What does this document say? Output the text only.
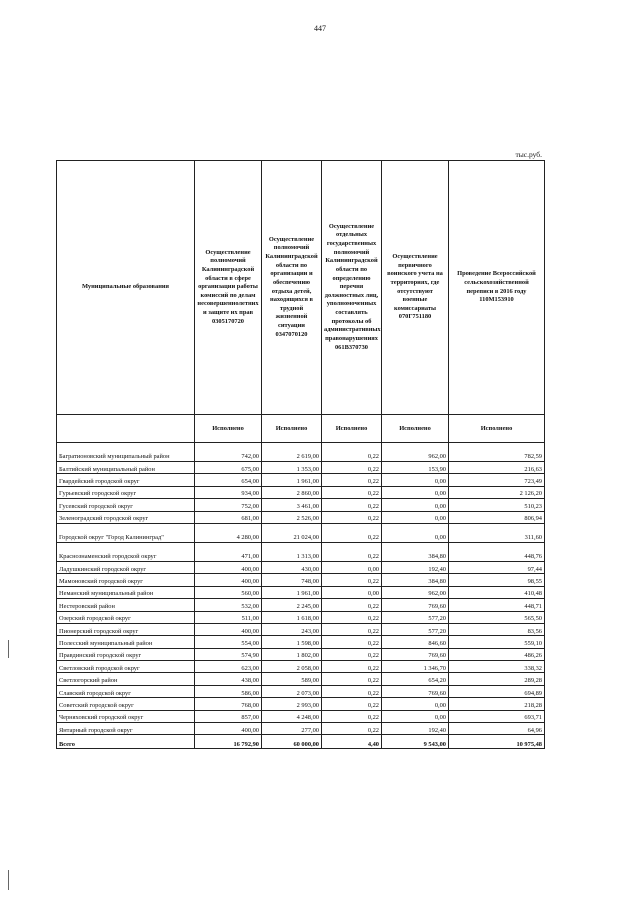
447
тыс.руб.
Муниципальные образования	Осуществление полномочий Калининградской области в сфере организации работы комиссий по делам несовершеннолетних и защите их прав 0305170720	Осуществление полномочий Калининградской области по организации и обеспечению отдыха детей, находящихся в трудной жизненной ситуации 0347070120	Осуществление отдельных государственных полномочий Калининградской области по определению перечня должностных лиц, уполномоченных составлять протоколы об административных правонарушениях 061В370730	Осуществление первичного воинского учета на территориях, где отсутствуют военные комиссариаты 070Г751180	Проведение Всероссийской сельскохозяйственной переписи в 2016 году 110М153910
	Исполнено	Исполнено	Исполнено	Исполнено	Исполнено
Багратионовский муниципальный район	742,00	2 619,00	0,22	962,00	782,59
Балтийский муниципальный район	675,00	1 353,00	0,22	153,90	216,63
Гвардейский городской округ	654,00	1 961,00	0,22	0,00	723,49
Гурьевский городской округ	934,00	2 860,00	0,22	0,00	2 126,20
Гусевский городской округ	752,00	3 461,00	0,22	0,00	510,23
Зеленоградский городской округ	681,00	2 526,00	0,22	0,00	806,94
Городской округ "Город Калининград"	4 280,00	21 024,00	0,22	0,00	311,60
Краснознаменский городской округ	471,00	1 313,00	0,22	384,80	448,76
Ладушкинский городской округ	400,00	430,00	0,00	192,40	97,44
Мамоновский городской округ	400,00	748,00	0,22	384,80	98,55
Неманский муниципальный район	560,00	1 961,00	0,00	962,00	410,48
Нестеровский район	532,00	2 245,00	0,22	769,60	448,71
Озерский городской округ	511,00	1 618,00	0,22	577,20	565,50
Пионерский городской округ	400,00	243,00	0,22	577,20	83,56
Полесский муниципальный район	554,00	1 598,00	0,22	846,60	559,10
Правдинский городской округ	574,90	1 802,00	0,22	769,60	486,26
Светловский городской округ	623,00	2 058,00	0,22	1 346,70	338,32
Светлогорский район	438,00	589,00	0,22	654,20	289,28
Славский городской округ	586,00	2 073,00	0,22	769,60	694,89
Советский городской округ	768,00	2 993,00	0,22	0,00	218,28
Черняховский городской округ	857,00	4 248,00	0,22	0,00	693,71
Янтарный городской округ	400,00	277,00	0,22	192,40	64,96
Всего	16 792,90	60 000,00	4,40	9 543,00	10 975,48
